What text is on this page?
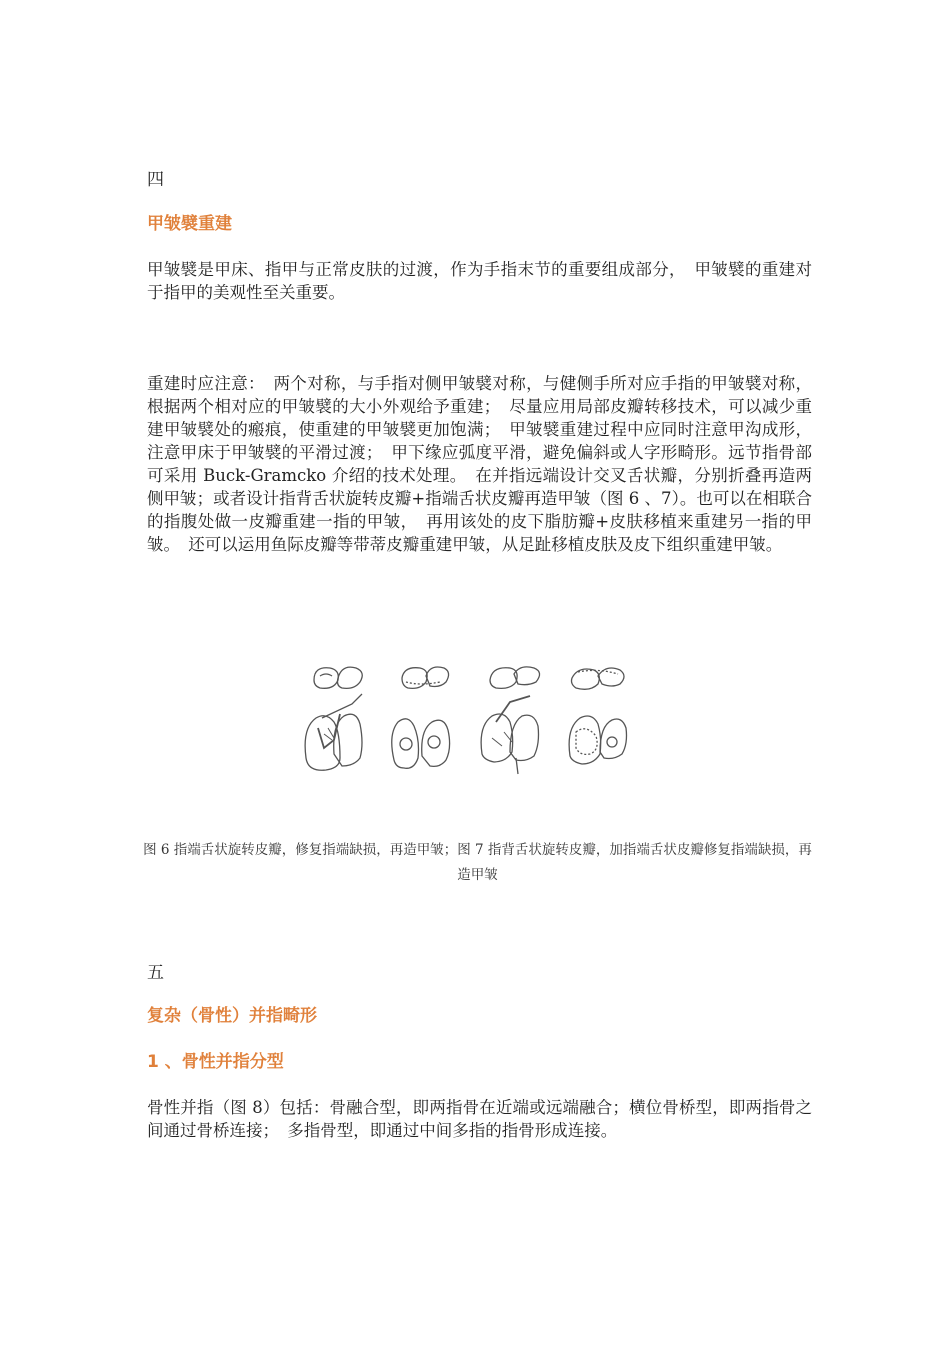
四
甲皱襞重建
甲皱襞是甲床、指甲与正常皮肤的过渡，作为手指末节的重要组成部分，　甲皱襞的重建对于指甲的美观性至关重要。
重建时应注意：　两个对称，与手指对侧甲皱襞对称，与健侧手所对应手指的甲皱襞对称，根据两个相对应的甲皱襞的大小外观给予重建；　尽量应用局部皮瓣转移技术，可以减少重建甲皱襞处的瘢痕，使重建的甲皱襞更加饱满；　甲皱襞重建过程中应同时注意甲沟成形，注意甲床于甲皱襞的平滑过渡；　甲下缘应弧度平滑，避免偏斜或人字形畸形。远节指骨部可采用 Buck-Gramcko 介绍的技术处理。　在并指远端设计交叉舌状瓣，分别折叠再造两侧甲皱；或者设计指背舌状旋转皮瓣+指端舌状皮瓣再造甲皱（图 6 、7）。也可以在相联合的指腹处做一皮瓣重建一指的甲皱，　再用该处的皮下脂肪瓣+皮肤移植来重建另一指的甲皱。　还可以运用鱼际皮瓣等带蒂皮瓣重建甲皱，从足趾移植皮肤及皮下组织重建甲皱。
图 6 指端舌状旋转皮瓣，修复指端缺损，再造甲皱；图 7 指背舌状旋转皮瓣，加指端舌状皮瓣修复指端缺损，再造甲皱
五
复杂（骨性）并指畸形
1 、骨性并指分型
骨性并指（图 8）包括：骨融合型，即两指骨在近端或远端融合；横位骨桥型，即两指骨之间通过骨桥连接；　多指骨型，即通过中间多指的指骨形成连接。
